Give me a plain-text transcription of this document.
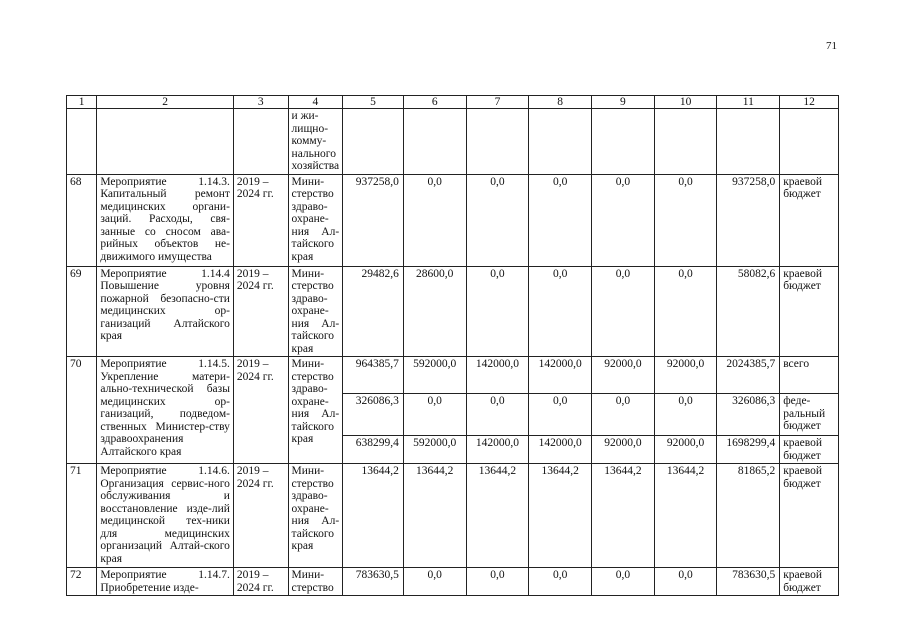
71
1	2	3	4	5	6	7	8	9	10	11	12
			и жи-
лищно-
комму-
нального
хозяйства								
68	Мероприятие 1.14.3. Капитальный ремонт медицинских органи-заций. Расходы, свя-занные со сносом ава-рийных объектов не-движимого имущества	2019 – 2024 гг.	Мини-стерство здраво-охране-ния Ал-тайского края	937258,0	0,0	0,0	0,0	0,0	0,0	937258,0	краевой бюджет
69	Мероприятие 1.14.4 Повышение уровня пожарной безопасно-сти медицинских ор-ганизаций Алтайского края	2019 – 2024 гг.	Мини-стерство здраво-охране-ния Ал-тайского края	29482,6	28600,0	0,0	0,0	0,0	0,0	58082,6	краевой бюджет
70	Мероприятие 1.14.5. Укрепление матери-ально-технической базы медицинских ор-ганизаций, подведом-ственных Министер-ству здравоохранения Алтайского края	2019 – 2024 гг.	Мини-стерство здраво-охране-ния Ал-тайского края	964385,7	592000,0	142000,0	142000,0	92000,0	92000,0	2024385,7	всего
				326086,3	0,0	0,0	0,0	0,0	0,0	326086,3	феде-ральный бюджет
				638299,4	592000,0	142000,0	142000,0	92000,0	92000,0	1698299,4	краевой бюджет
71	Мероприятие 1.14.6. Организация сервис-ного обслуживания и восстановление изде-лий медицинской тех-ники для медицинских организаций Алтай-ского края	2019 – 2024 гг.	Мини-стерство здраво-охране-ния Ал-тайского края	13644,2	13644,2	13644,2	13644,2	13644,2	13644,2	81865,2	краевой бюджет
72	Мероприятие 1.14.7. Приобретение изде-	2019 – 2024 гг.	Мини-стерство	783630,5	0,0	0,0	0,0	0,0	0,0	783630,5	краевой бюджет
